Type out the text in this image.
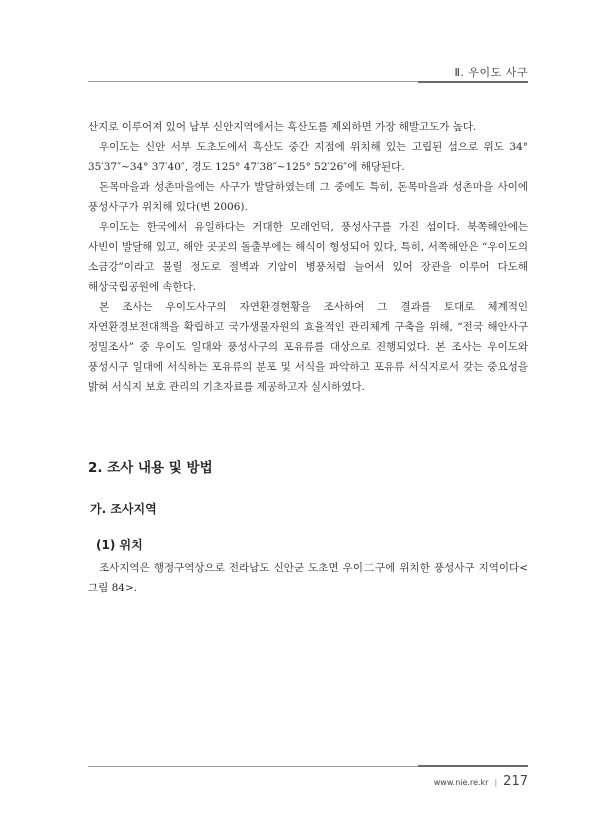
Ⅱ. 우이도 사구

산지로 이루어져 있어 남부 신안지역에서는 흑산도를 제외하면 가장 해발고도가 높다.

우이도는 신안 서부 도초도에서 흑산도 중간 지점에 위치해 있는 고립된 섬으로 위도 34° 35′37″~34° 37′40″, 경도 125° 47′38″~125° 52′26″에 해당된다.

돈목마을과 성촌마을에는 사구가 발달하였는데 그 중에도 특히, 돈목마을과 성촌마을 사이에 풍성사구가 위치해 있다(변 2006).

우이도는 한국에서 유일하다는 거대한 모래언덕, 풍성사구를 가진 섬이다. 북쪽해안에는 사빈이 발달해 있고, 해안 곳곳의 돌출부에는 해식이 형성되어 있다, 특히, 서쪽해안은 “우이도의 소금강”이라고 불릴 정도로 절벽과 기암이 병풍처럼 늘어서 있어 장관을 이루어 다도해 해상국립공원에 속한다.

본 조사는 우이도사구의 자연환경현황을 조사하여 그 결과를 토대로 체계적인 자연환경보전대책을 확립하고 국가생물자원의 효율적인 관리체계 구축을 위해, “전국 해안사구 정밀조사” 중 우이도 일대와 풍성사구의 포유류를 대상으로 진행되었다. 본 조사는 우이도와 풍성시구 일대에 서식하는 포유류의 분포 및 서식을 파악하고 포유류 서식지로서 갖는 중요성을 밝혀 서식지 보호 관리의 기초자료를 제공하고자 실시하였다.

2. 조사 내용 및 방법
가. 조사지역
(1) 위치

조사지역은 행정구역상으로 전라남도 신안군 도초면 우이二구에 위치한 풍성사구 지역이다<그림 84>.

www.nie.re.kr | 217
